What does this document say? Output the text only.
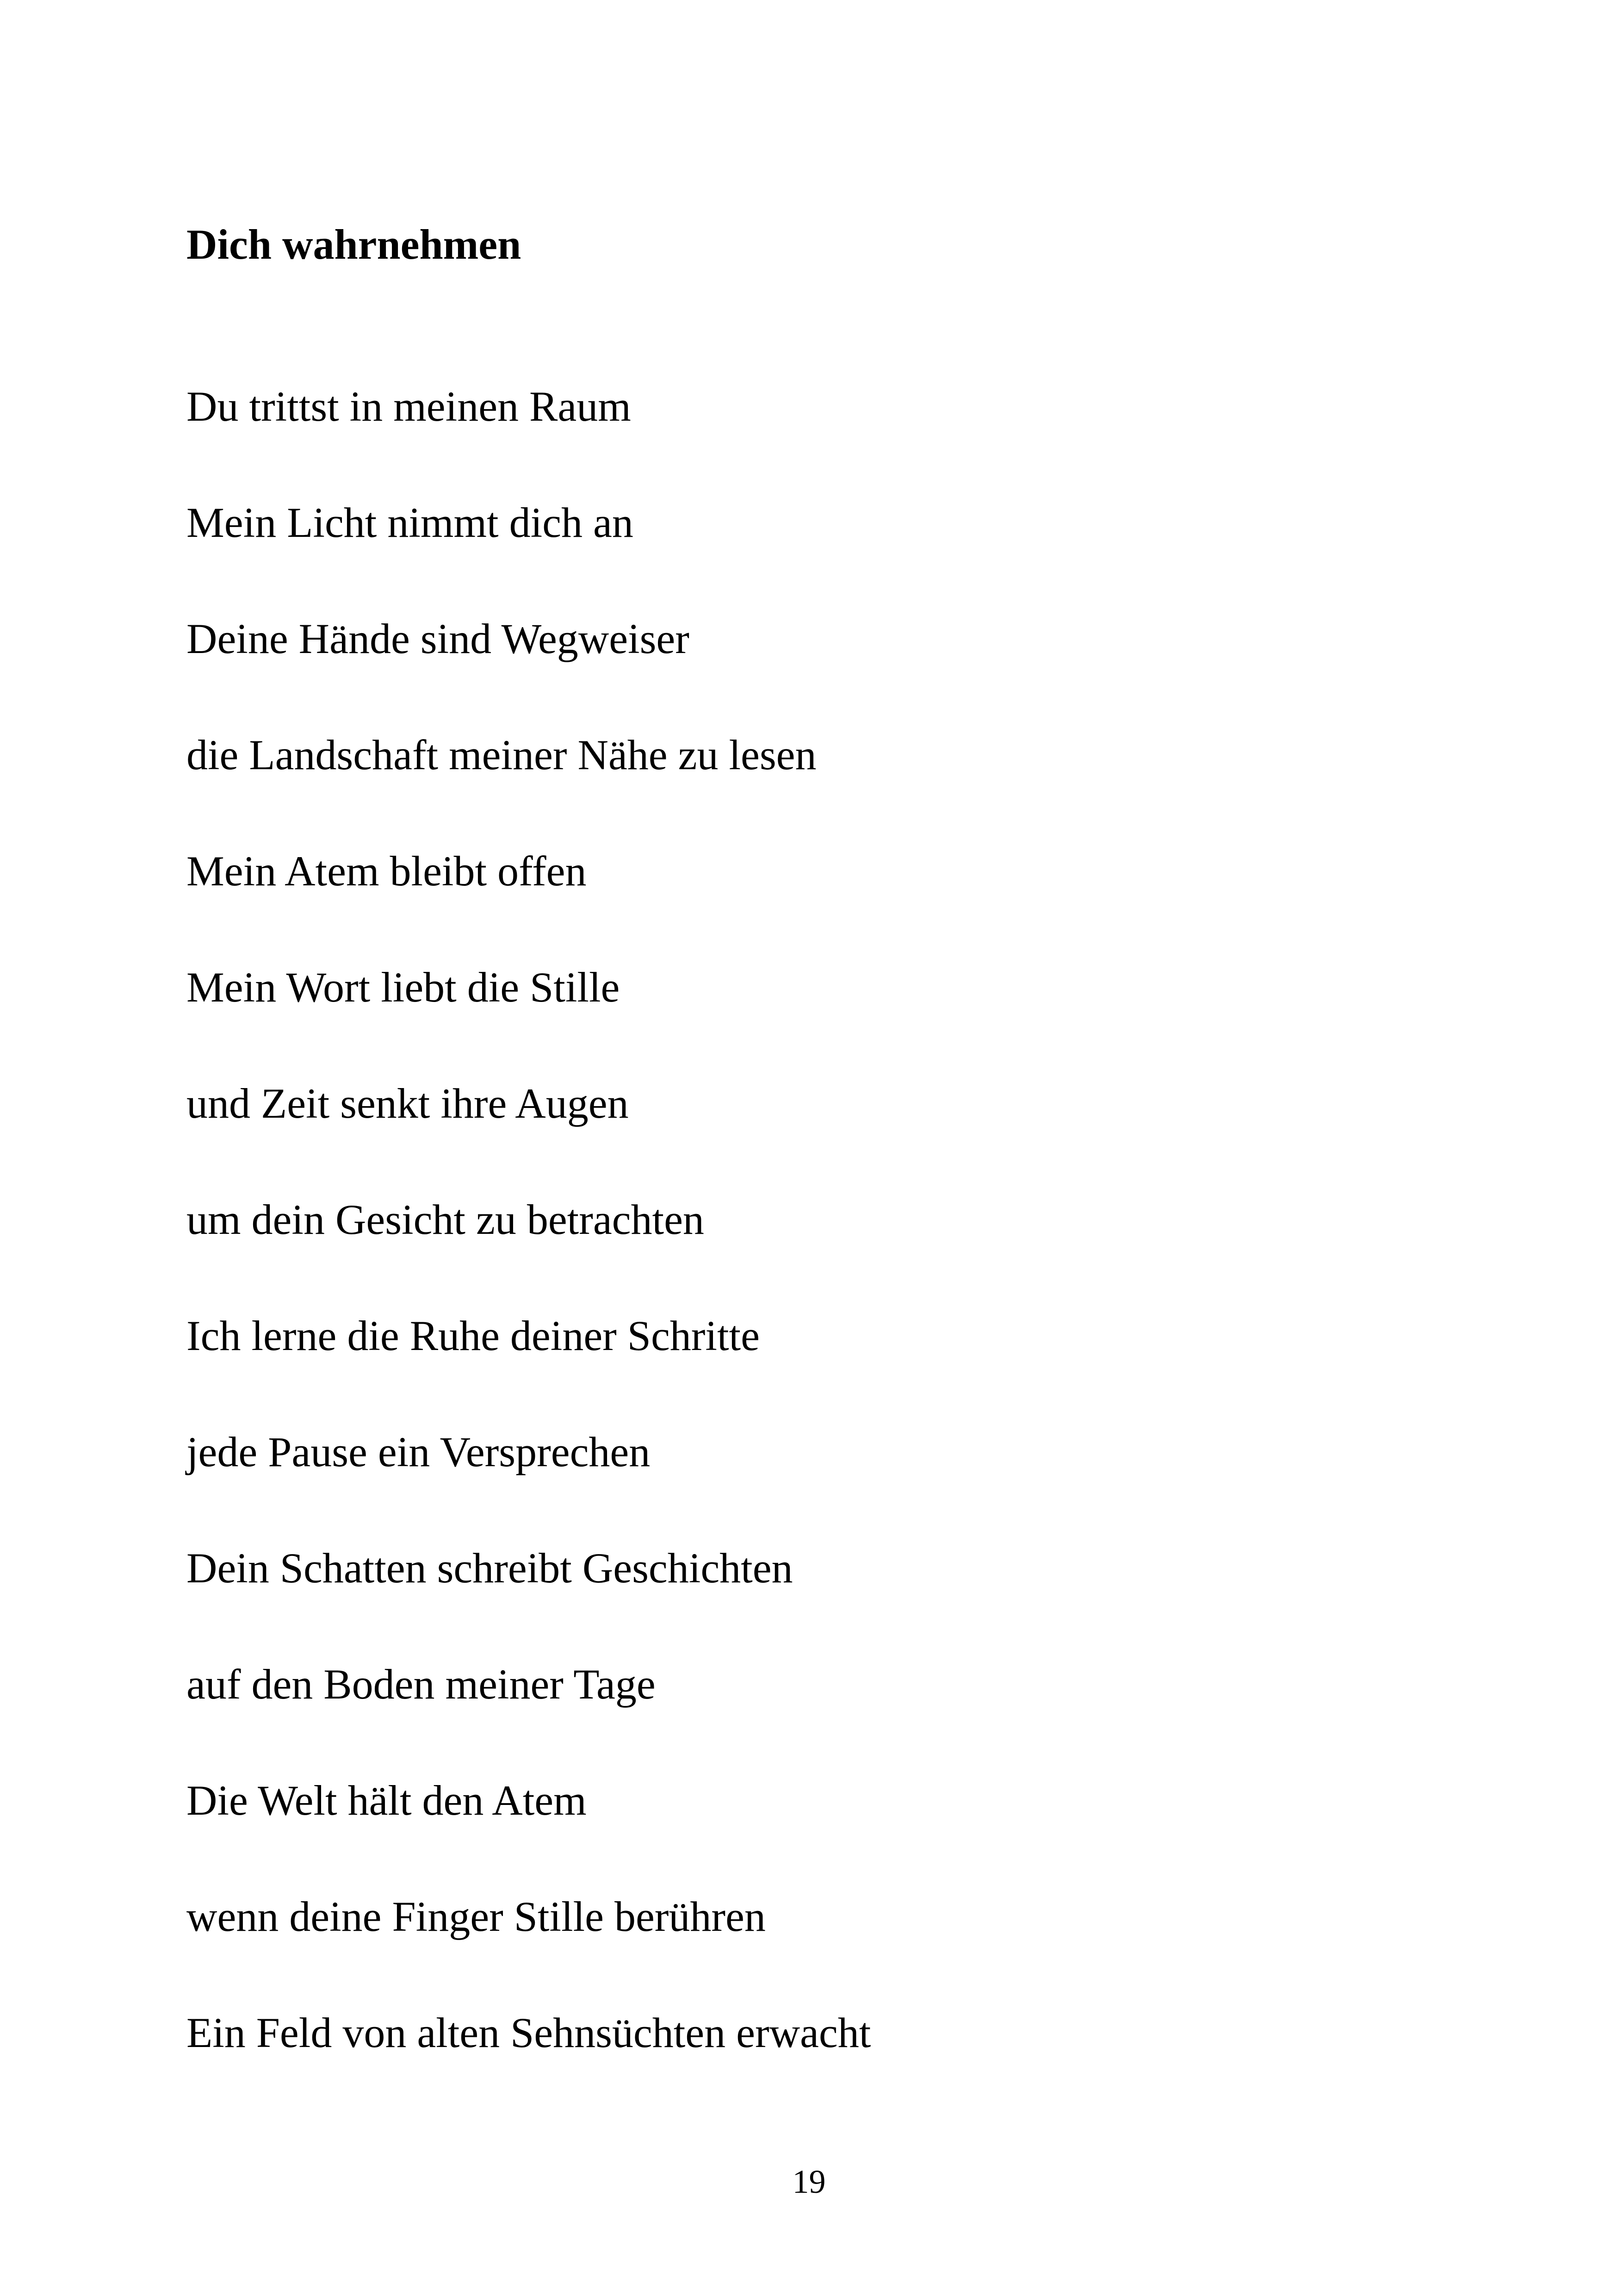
Dich wahrnehmen
Du trittst in meinen Raum
Mein Licht nimmt dich an
Deine Hände sind Wegweiser
die Landschaft meiner Nähe zu lesen
Mein Atem bleibt offen
Mein Wort liebt die Stille
und Zeit senkt ihre Augen
um dein Gesicht zu betrachten
Ich lerne die Ruhe deiner Schritte
jede Pause ein Versprechen
Dein Schatten schreibt Geschichten
auf den Boden meiner Tage
Die Welt hält den Atem
wenn deine Finger Stille berühren
Ein Feld von alten Sehnsüchten erwacht
19
